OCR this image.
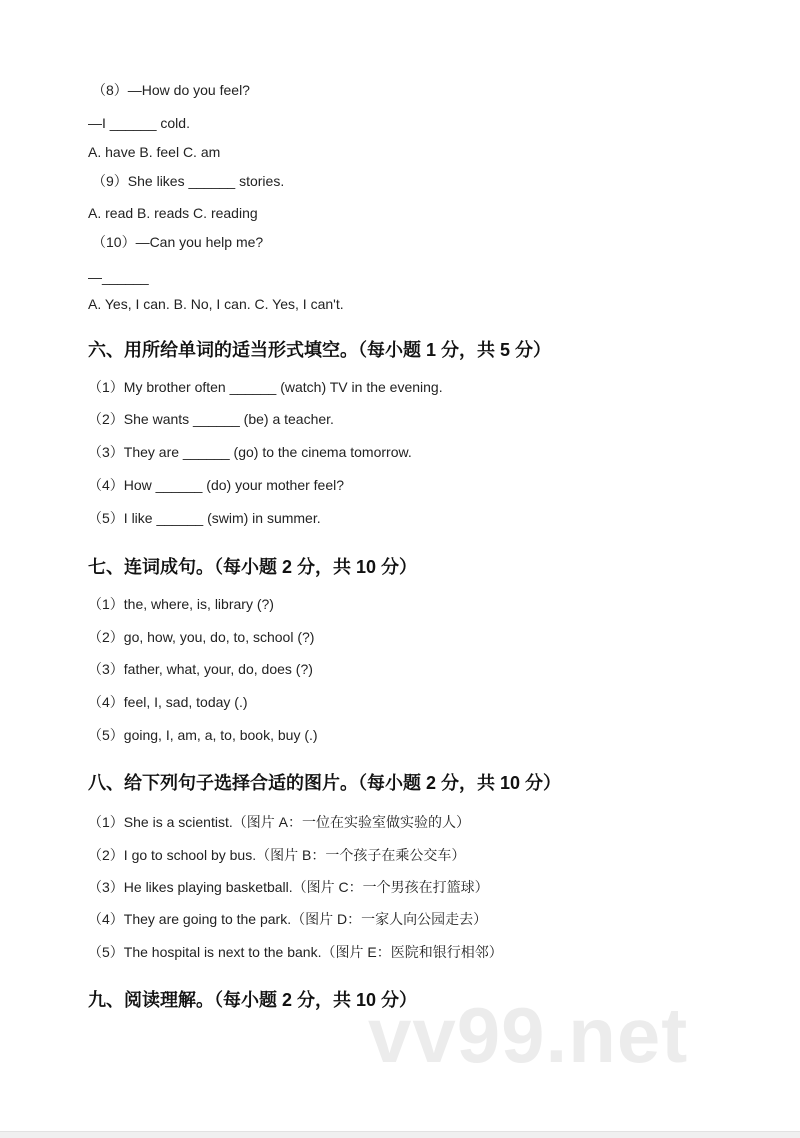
vv99.net
（8）—How do you feel?
—I ______ cold.
A. have B. feel C. am
（9）She likes ______ stories.
A. read B. reads C. reading
（10）—Can you help me?
—______
A. Yes, I can. B. No, I can. C. Yes, I can't.
六、用所给单词的适当形式填空。（每小题 1 分，共 5 分）
（1）My brother often ______ (watch) TV in the evening.
（2）She wants ______ (be) a teacher.
（3）They are ______ (go) to the cinema tomorrow.
（4）How ______ (do) your mother feel?
（5）I like ______ (swim) in summer.
七、连词成句。（每小题 2 分，共 10 分）
（1）the, where, is, library (?)
（2）go, how, you, do, to, school (?)
（3）father, what, your, do, does (?)
（4）feel, I, sad, today (.)
（5）going, I, am, a, to, book, buy (.)
八、给下列句子选择合适的图片。（每小题 2 分，共 10 分）
（1）She is a scientist.（图片 A：一位在实验室做实验的人）
（2）I go to school by bus.（图片 B：一个孩子在乘公交车）
（3）He likes playing basketball.（图片 C：一个男孩在打篮球）
（4）They are going to the park.（图片 D：一家人向公园走去）
（5）The hospital is next to the bank.（图片 E：医院和银行相邻）
九、阅读理解。（每小题 2 分，共 10 分）
